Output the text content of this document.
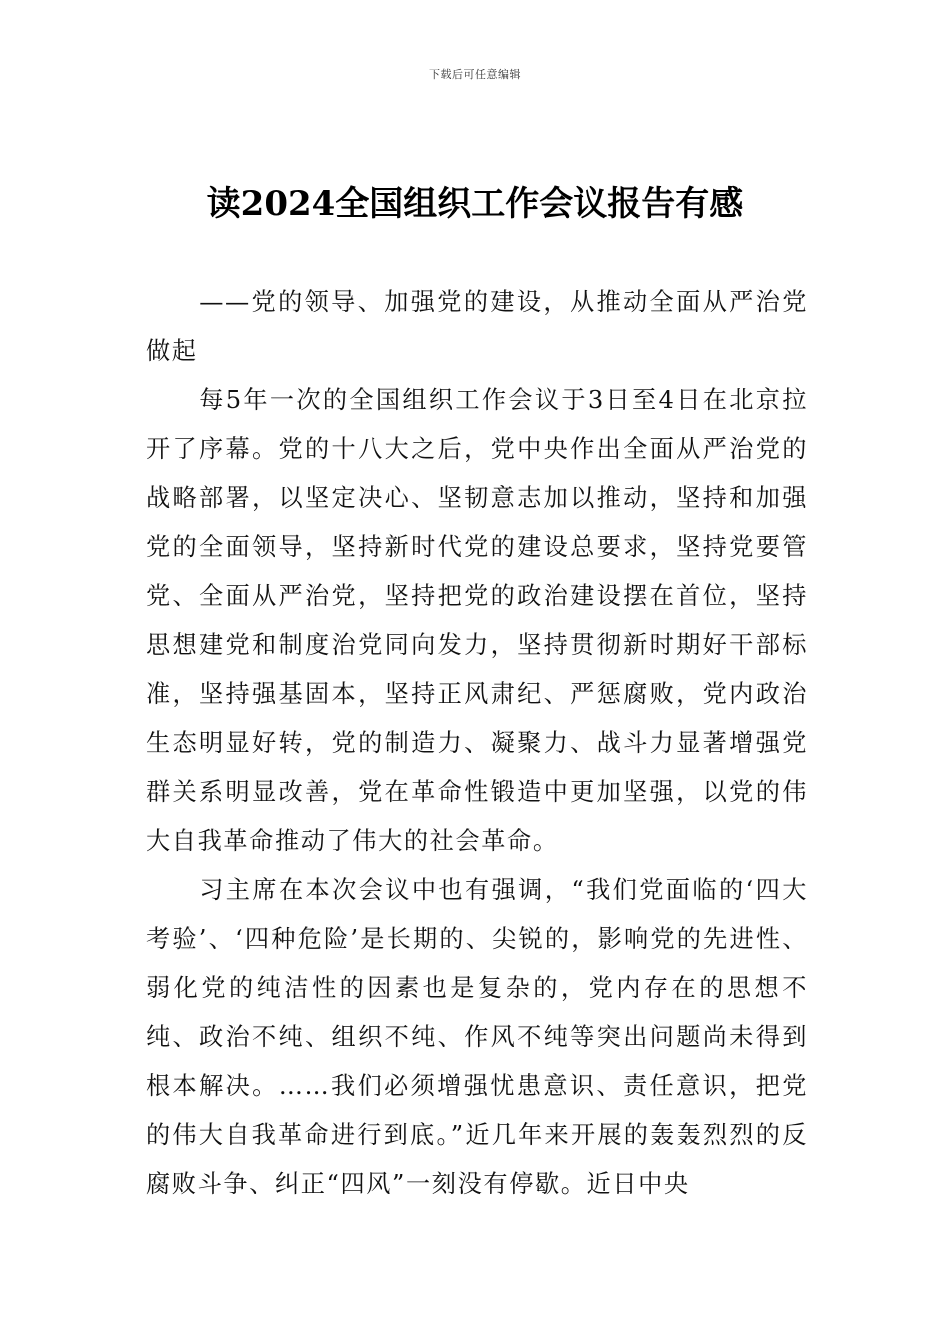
下载后可任意编辑
读2024全国组织工作会议报告有感

——党的领导、加强党的建设，从推动全面从严治党做起

每5年一次的全国组织工作会议于3日至4日在北京拉开了序幕。党的十八大之后，党中央作出全面从严治党的战略部署，以坚定决心、坚韧意志加以推动，坚持和加强党的全面领导，坚持新时代党的建设总要求，坚持党要管党、全面从严治党，坚持把党的政治建设摆在首位，坚持思想建党和制度治党同向发力，坚持贯彻新时期好干部标准，坚持强基固本，坚持正风肃纪、严惩腐败，党内政治生态明显好转，党的制造力、凝聚力、战斗力显著增强党群关系明显改善，党在革命性锻造中更加坚强，以党的伟大自我革命推动了伟大的社会革命。

习主席在本次会议中也有强调，“我们党面临的‘四大考验’、‘四种危险’是长期的、尖锐的，影响党的先进性、弱化党的纯洁性的因素也是复杂的，党内存在的思想不纯、政治不纯、组织不纯、作风不纯等突出问题尚未得到根本解决。……我们必须增强忧患意识、责任意识，把党的伟大自我革命进行到底。”近几年来开展的轰轰烈烈的反腐败斗争、纠正“四风”一刻没有停歇。近日中央
